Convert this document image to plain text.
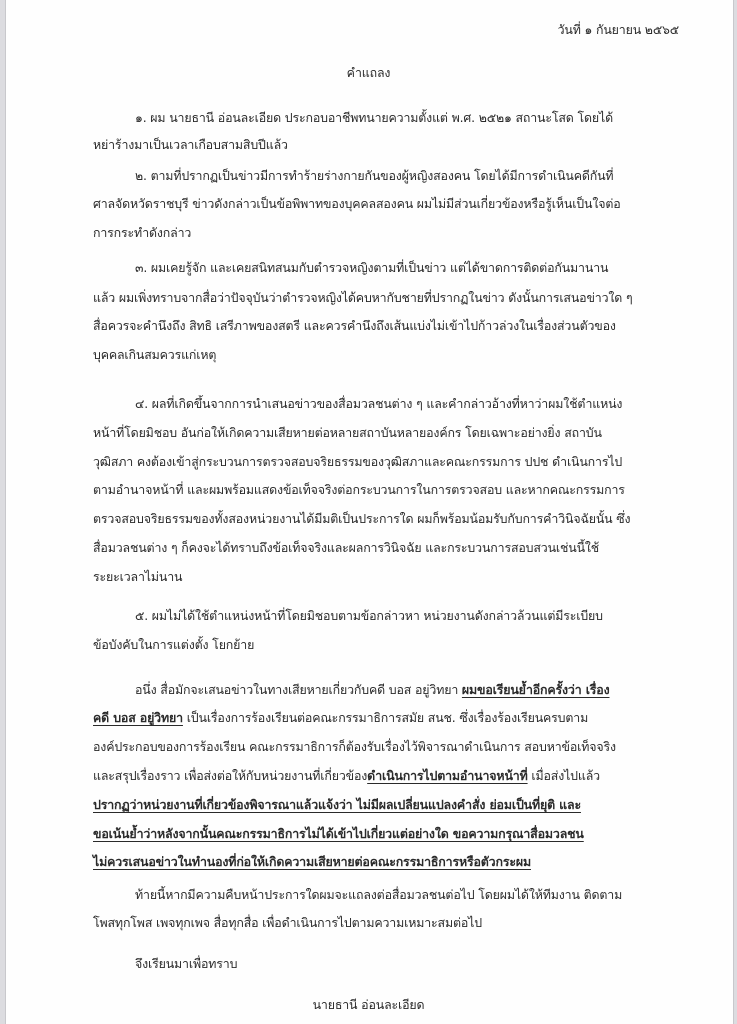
วันที่ ๑ กันยายน ๒๕๖๕
คำแถลง
๑. ผม นายธานี อ่อนละเอียด ประกอบอาชีพทนายความตั้งแต่ พ.ศ. ๒๕๒๑ สถานะโสด โดยได้
หย่าร้างมาเป็นเวลาเกือบสามสิบปีแล้ว
๒. ตามที่ปรากฏเป็นข่าวมีการทำร้ายร่างกายกันของผู้หญิงสองคน โดยได้มีการดำเนินคดีกันที่
ศาลจัดหวัดราชบุรี ข่าวดังกล่าวเป็นข้อพิพาทของบุคคลสองคน ผมไม่มีส่วนเกี่ยวข้องหรือรู้เห็นเป็นใจต่อ
การกระทำดังกล่าว
๓. ผมเคยรู้จัก และเคยสนิทสนมกับตำรวจหญิงตามที่เป็นข่าว แต่ได้ขาดการติดต่อกันมานาน
แล้ว ผมเพิ่งทราบจากสื่อว่าปัจจุบันว่าตำรวจหญิงได้คบหากับชายที่ปรากฏในข่าว ดังนั้นการเสนอข่าวใด ๆ
สื่อควรจะคำนึงถึง สิทธิ เสรีภาพของสตรี และควรคำนึงถึงเส้นแบ่งไม่เข้าไปก้าวล่วงในเรื่องส่วนตัวของ
บุคคลเกินสมควรแก่เหตุ
๔. ผลที่เกิดขึ้นจากการนำเสนอข่าวของสื่อมวลชนต่าง ๆ และคำกล่าวอ้างที่หาว่าผมใช้ตำแหน่ง
หน้าที่โดยมิชอบ อันก่อให้เกิดความเสียหายต่อหลายสถาบันหลายองค์กร โดยเฉพาะอย่างยิ่ง สถาบัน
วุฒิสภา คงต้องเข้าสู่กระบวนการตรวจสอบจริยธรรมของวุฒิสภาและคณะกรรมการ ปปช ดำเนินการไป
ตามอำนาจหน้าที่ และผมพร้อมแสดงข้อเท็จจริงต่อกระบวนการในการตรวจสอบ และหากคณะกรรมการ
ตรวจสอบจริยธรรมของทั้งสองหน่วยงานได้มีมติเป็นประการใด ผมก็พร้อมน้อมรับกับการคำวินิจฉัยนั้น ซึ่ง
สื่อมวลชนต่าง ๆ ก็คงจะได้ทราบถึงข้อเท็จจริงและผลการวินิจฉัย และกระบวนการสอบสวนเช่นนี้ใช้
ระยะเวลาไม่นาน
๕. ผมไม่ได้ใช้ตำแหน่งหน้าที่โดยมิชอบตามข้อกล่าวหา หน่วยงานดังกล่าวล้วนแต่มีระเบียบ
ข้อบังคับในการแต่งตั้ง โยกย้าย
อนึ่ง สื่อมักจะเสนอข่าวในทางเสียหายเกี่ยวกับคดี บอส อยู่วิทยา ผมขอเรียนย้ำอีกครั้งว่า เรื่อง
คดี บอส อยู่วิทยา เป็นเรื่องการร้องเรียนต่อคณะกรรมาธิการสมัย สนช. ซึ่งเรื่องร้องเรียนครบตาม
องค์ประกอบของการร้องเรียน คณะกรรมาธิการก็ต้องรับเรื่องไว้พิจารณาดำเนินการ สอบหาข้อเท็จจริง
และสรุปเรื่องราว เพื่อส่งต่อให้กับหน่วยงานที่เกี่ยวข้องดำเนินการไปตามอำนาจหน้าที่ เมื่อส่งไปแล้ว
ปรากฏว่าหน่วยงานที่เกี่ยวข้องพิจารณาแล้วแจ้งว่า ไม่มีผลเปลี่ยนแปลงคำสั่ง ย่อมเป็นที่ยุติ และ
ขอเน้นย้ำว่าหลังจากนั้นคณะกรรมาธิการไม่ได้เข้าไปเกี่ยวแต่อย่างใด ขอความกรุณาสื่อมวลชน
ไม่ควรเสนอข่าวในทำนองที่ก่อให้เกิดความเสียหายต่อคณะกรรมาธิการหรือตัวกระผม
ท้ายนี้หากมีความคืบหน้าประการใดผมจะแถลงต่อสื่อมวลชนต่อไป โดยผมได้ให้ทีมงาน ติดตาม
โพสทุกโพส เพจทุกเพจ สื่อทุกสื่อ เพื่อดำเนินการไปตามความเหมาะสมต่อไป
จึงเรียนมาเพื่อทราบ
นายธานี อ่อนละเอียด
